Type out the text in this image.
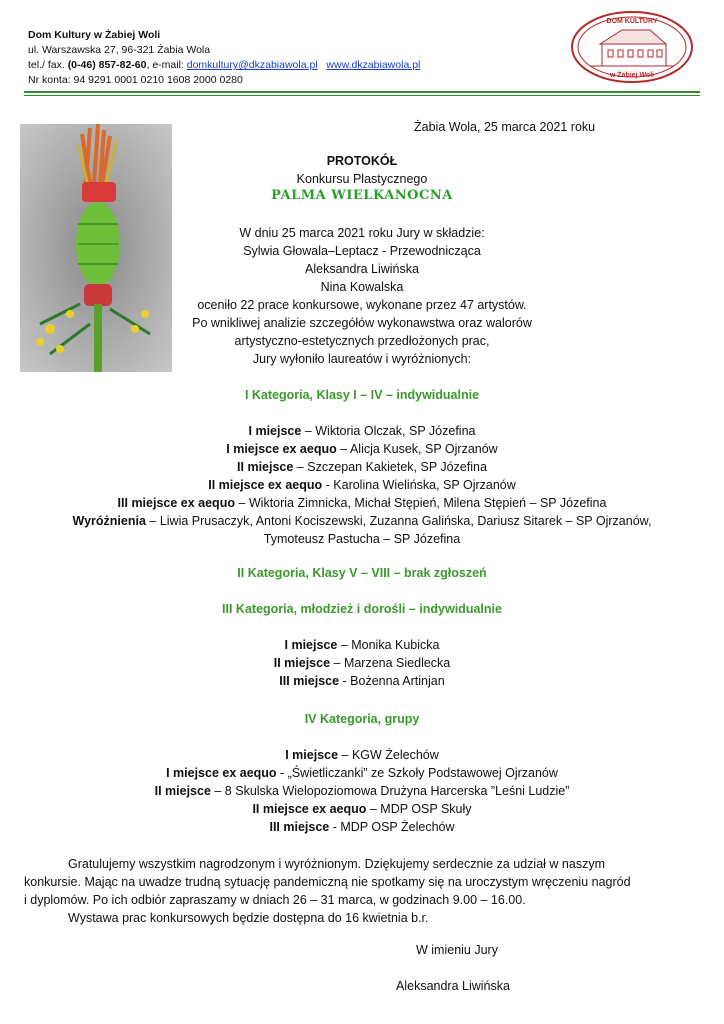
Dom Kultury w Żabiej Woli
ul. Warszawska 27, 96-321 Żabia Wola
tel./ fax. (0-46) 857-82-60, e-mail: domkultury@dkzabiawola.pl www.dkzabiawola.pl
Nr konta: 94 9291 0001 0210 1608 2000 0280
DOM KULTURY
w Żabiej Woli
Żabia Wola, 25 marca 2021 roku
PROTOKÓŁ
Konkursu Plastycznego
PALMA WIELKANOCNA
W dniu 25 marca 2021 roku Jury w składzie:
Sylwia Głowala–Leptacz - Przewodnicząca
Aleksandra Liwińska
Nina Kowalska
oceniło 22 prace konkursowe, wykonane przez 47 artystów.
Po wnikliwej analizie szczegółów wykonawstwa oraz walorów
artystyczno-estetycznych przedłożonych prac,
Jury wyłoniło laureatów i wyróżnionych:
I Kategoria, Klasy I – IV – indywidualnie
I miejsce – Wiktoria Olczak, SP Józefina
I miejsce ex aequo – Alicja Kusek, SP Ojrzanów
II miejsce – Szczepan Kakietek, SP Józefina
II miejsce ex aequo - Karolina Wielińska, SP Ojrzanów
III miejsce ex aequo – Wiktoria Zimnicka, Michał Stępień, Milena Stępień – SP Józefina
Wyróżnienia – Liwia Prusaczyk, Antoni Kociszewski, Zuzanna Galińska, Dariusz Sitarek – SP Ojrzanów,
Tymoteusz Pastucha – SP Józefina
II Kategoria, Klasy V – VIII – brak zgłoszeń
III Kategoria, młodzież i dorośli – indywidualnie
I miejsce – Monika Kubicka
II miejsce – Marzena Siedlecka
III miejsce - Bożenna Artinjan
IV Kategoria, grupy
I miejsce – KGW Żelechów
I miejsce ex aequo - „Świetliczanki” ze Szkoły Podstawowej Ojrzanów
II miejsce – 8 Skulska Wielopoziomowa Drużyna Harcerska ”Leśni Ludzie”
II miejsce ex aequo – MDP OSP Skuły
III miejsce - MDP OSP Żelechów
Gratulujemy wszystkim nagrodzonym i wyróżnionym. Dziękujemy serdecznie za udział w naszym
konkursie. Mając na uwadze trudną sytuację pandemiczną nie spotkamy się na uroczystym wręczeniu nagród
i dyplomów. Po ich odbiór zapraszamy w dniach 26 – 31 marca, w godzinach 9.00 – 16.00.
Wystawa prac konkursowych będzie dostępna do 16 kwietnia b.r.
W imieniu Jury
Aleksandra Liwińska
